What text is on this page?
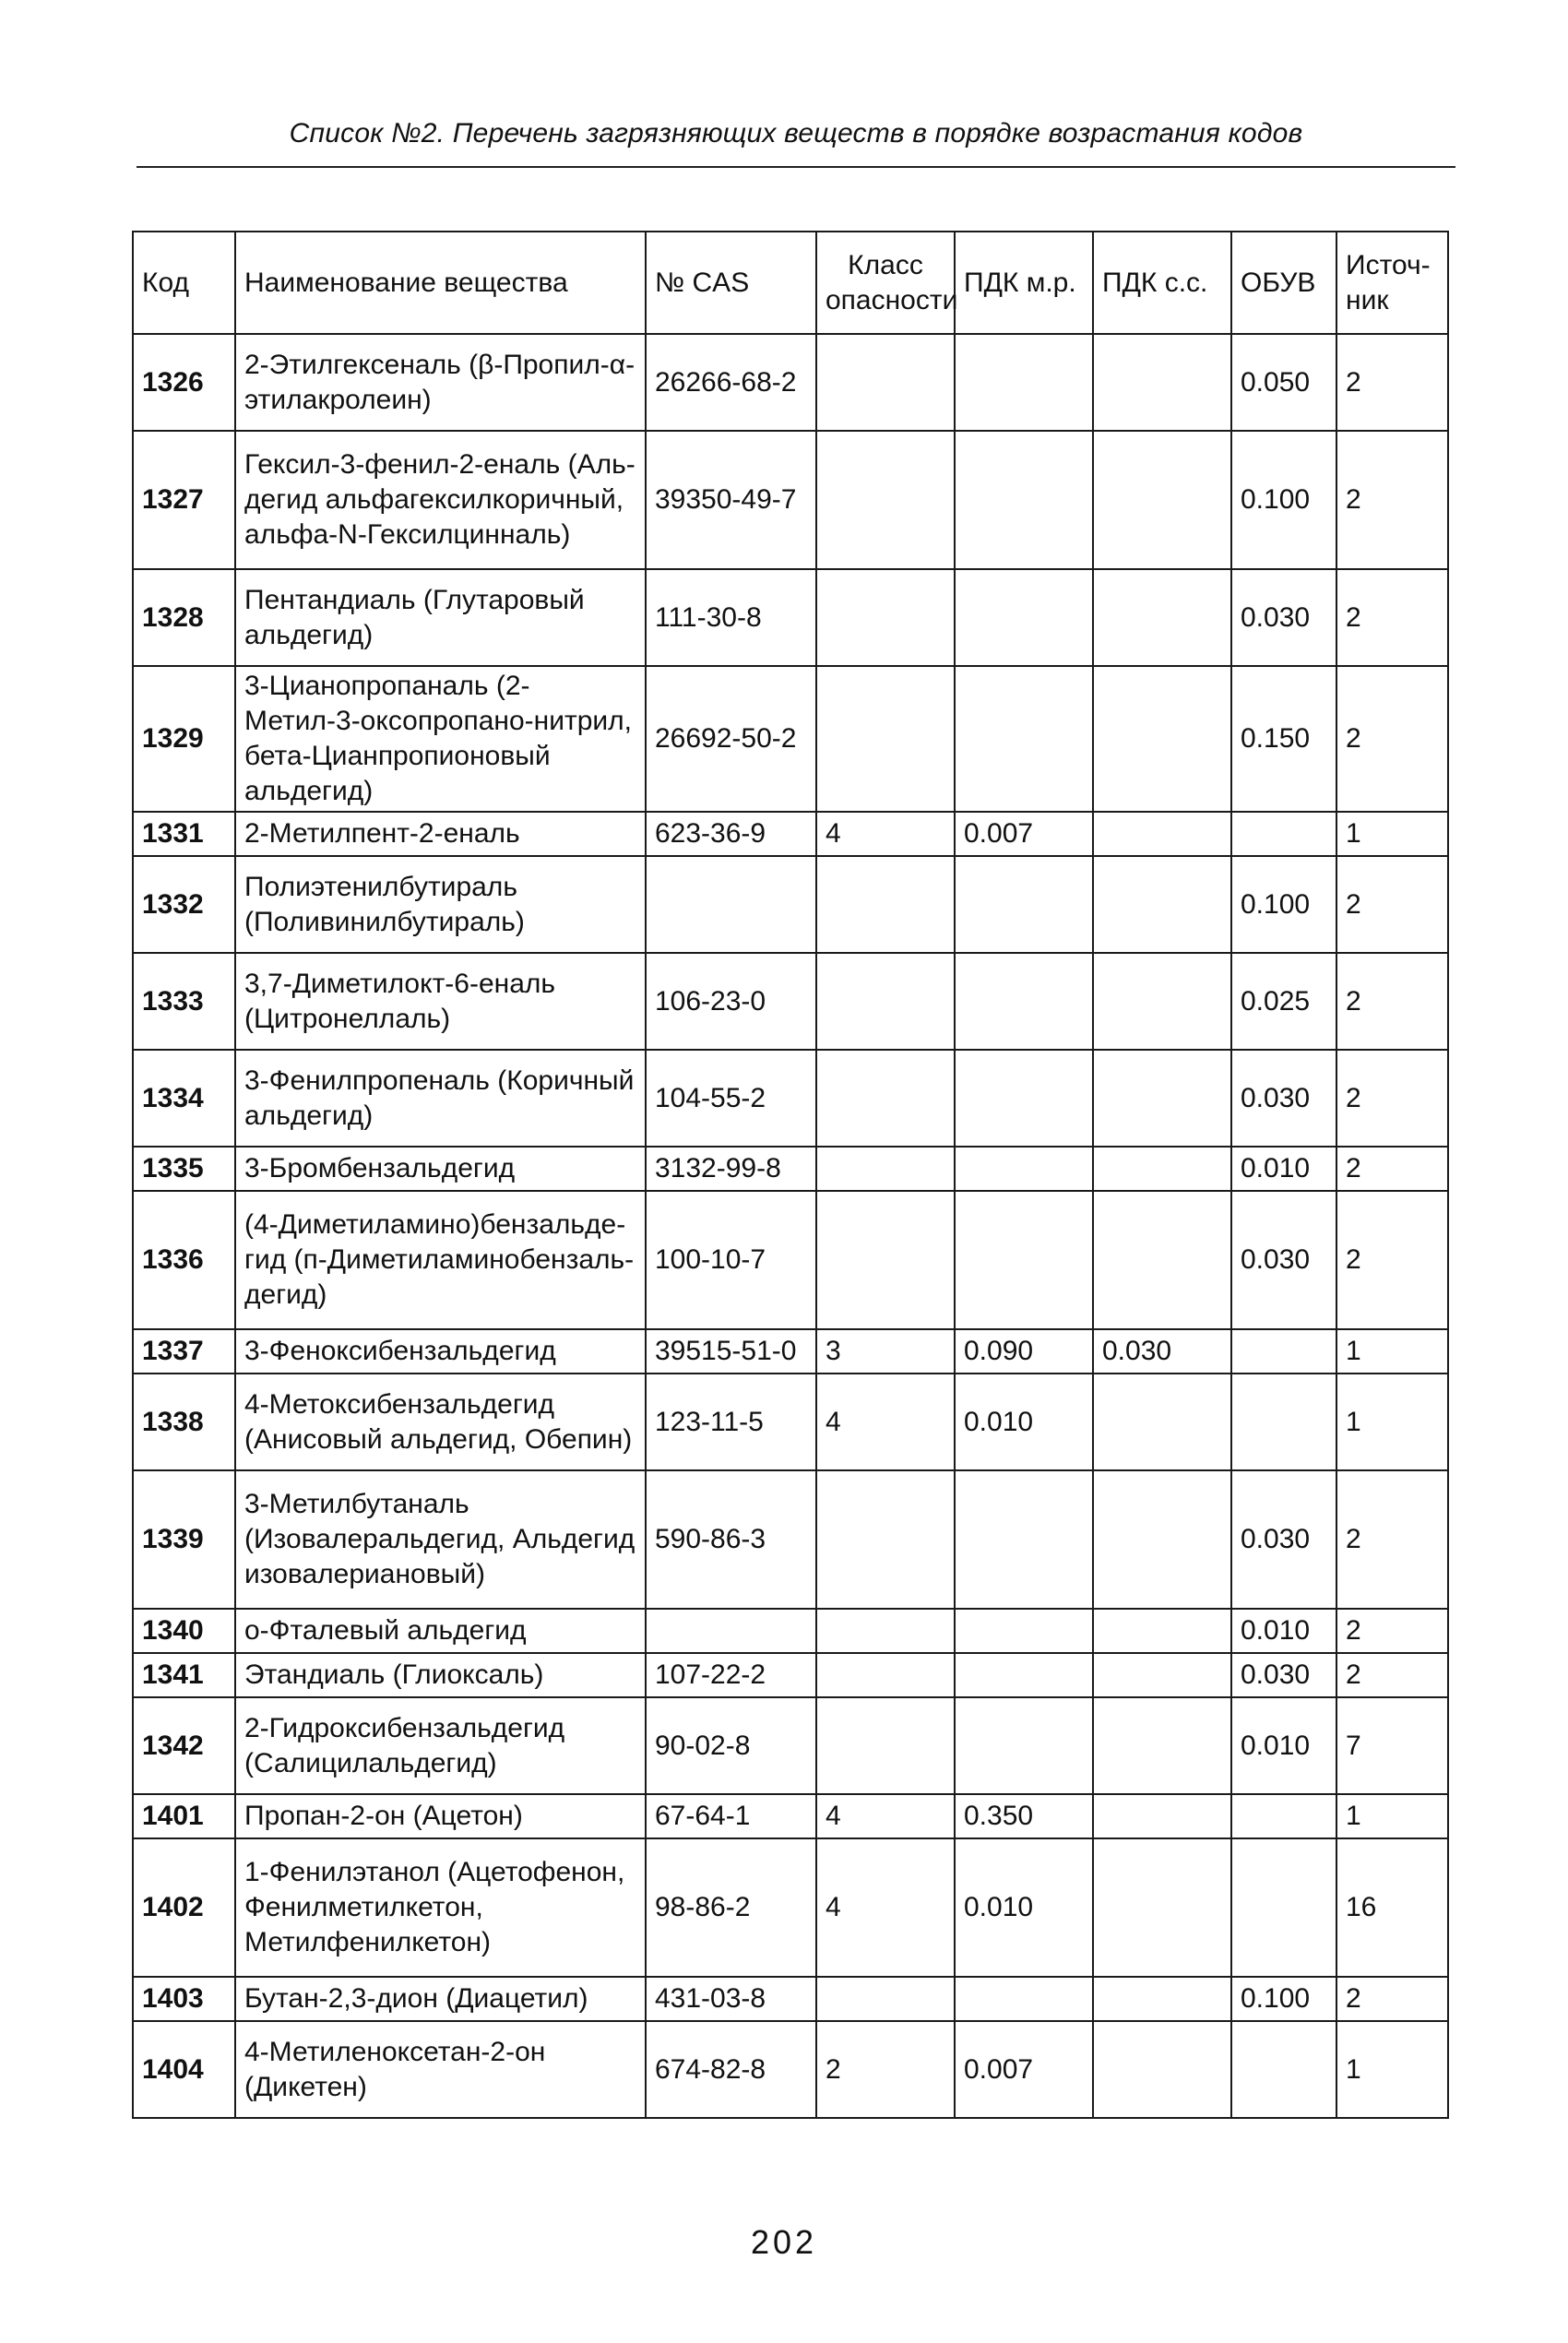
Список №2. Перечень загрязняющих веществ в порядке возрастания кодов
Код	Наименование вещества	№ CAS	Класс опасности	ПДК м.р.	ПДК с.с.	ОБУВ	Источ-ник
1326	2-Этилгексеналь (β-Пропил-α-этилакролеин)	26266-68-2				0.050	2
1327	Гексил-3-фенил-2-еналь (Аль-дегид альфагексилкоричный, альфа-N-Гексилцинналь)	39350-49-7				0.100	2
1328	Пентандиаль (Глутаровый альдегид)	111-30-8				0.030	2
1329	3-Цианопропаналь (2-Метил-3-оксопропано-нитрил, бета-Цианпропионовый альдегид)	26692-50-2				0.150	2
1331	2-Метилпент-2-еналь	623-36-9	4	0.007			1
1332	Полиэтенилбутираль (Поливинилбутираль)					0.100	2
1333	3,7-Диметилокт-6-еналь (Цитронеллаль)	106-23-0				0.025	2
1334	3-Фенилпропеналь (Коричный альдегид)	104-55-2				0.030	2
1335	3-Бромбензальдегид	3132-99-8				0.010	2
1336	(4-Диметиламино)бензальде-гид (п-Диметиламинобензаль-дегид)	100-10-7				0.030	2
1337	3-Феноксибензальдегид	39515-51-0	3	0.090	0.030		1
1338	4-Метоксибензальдегид (Анисовый альдегид, Обепин)	123-11-5	4	0.010			1
1339	3-Метилбутаналь (Изовалеральдегид, Альдегид изовалериановый)	590-86-3				0.030	2
1340	о-Фталевый альдегид					0.010	2
1341	Этандиаль (Глиоксаль)	107-22-2				0.030	2
1342	2-Гидроксибензальдегид (Салицилальдегид)	90-02-8				0.010	7
1401	Пропан-2-он (Ацетон)	67-64-1	4	0.350			1
1402	1-Фенилэтанол (Ацетофенон, Фенилметилкетон, Метилфенилкетон)	98-86-2	4	0.010			16
1403	Бутан-2,3-дион (Диацетил)	431-03-8				0.100	2
1404	4-Метиленоксетан-2-он (Дикетен)	674-82-8	2	0.007			1
202
